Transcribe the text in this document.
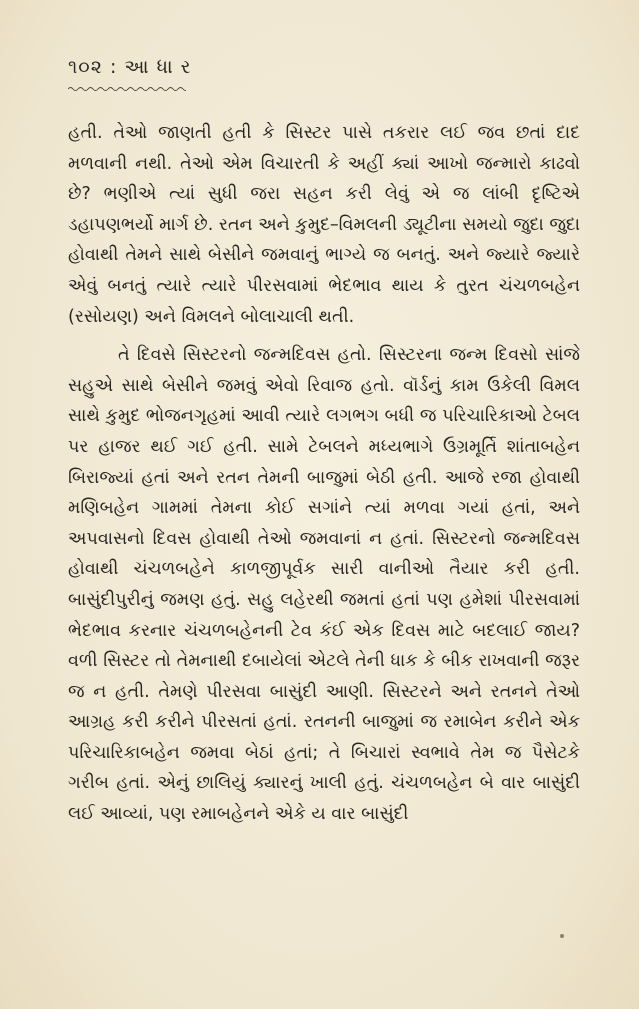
૧૦૨ : આ ધા ર

હતી. તેઓ જાણતી હતી કે સિસ્ટર પાસે તકરાર લઈ જવ છતાં દાદ મળવાની નથી. તેઓ એમ વિચારતી કે અહીં ક્યાં આખો જન્મારો કાઢવો છે? ભણીએ ત્યાં સુધી જરા સહન કરી લેવું એ જ લાંબી દૃષ્ટિએ ડહાપણભર્યો માર્ગ છે. રતન અને કુમુદ–વિમલની ડ્યૂટીના સમયો જુદા જુદા હોવાથી તેમને સાથે બેસીને જમવાનું ભાગ્યે જ બનતું. અને જ્યારે જ્યારે એવું બનતું ત્યારે ત્યારે પીરસવામાં ભેદભાવ થાય કે તુરત ચંચળબહેન (રસોયણ) અને વિમલને બોલાચાલી થતી.

તે દિવસે સિસ્ટરનો જન્મદિવસ હતો. સિસ્ટરના જન્મ દિવસો સાંજે સહુએ સાથે બેસીને જમવું એવો રિવાજ હતો. વૉર્ડનું કામ ઉકેલી વિમલ સાથે કુમુદ ભોજનગૃહમાં આવી ત્યારે લગભગ બધી જ પરિચારિકાઓ ટેબલ પર હાજર થઈ ગઈ હતી. સામે ટેબલને મધ્યભાગે ઉગ્રમૂર્તિ શાંતાબહેન બિરાજ્યાં હતાં અને રતન તેમની બાજુમાં બેઠી હતી. આજે રજા હોવાથી મણિબહેન ગામમાં તેમના કોઈ સગાંને ત્યાં મળવા ગયાં હતાં, અને અપવાસનો દિવસ હોવાથી તેઓ જમવાનાં ન હતાં. સિસ્ટરનો જન્મદિવસ હોવાથી ચંચળબહેને કાળજીપૂર્વક સારી વાનીઓ તૈયાર કરી હતી. બાસુંદીપુરીનું જમણ હતું. સહુ લહેરથી જમતાં હતાં પણ હમેશાં પીરસવામાં ભેદભાવ કરનાર ચંચળબહેનની ટેવ કંઈ એક દિવસ માટે બદલાઈ જાય? વળી સિસ્ટર તો તેમનાથી દબાયેલાં એટલે તેની ધાક કે બીક રાખવાની જરૂર જ ન હતી. તેમણે પીરસવા બાસુંદી આણી. સિસ્ટરને અને રતનને તેઓ આગ્રહ કરી કરીને પીરસતાં હતાં. રતનની બાજુમાં જ રમાબેન કરીને એક પરિચારિકાબહેન જમવા બેઠાં હતાં; તે બિચારાં સ્વભાવે તેમ જ પૈસેટકે ગરીબ હતાં. એનું છાલિયું ક્યારનું ખાલી હતું. ચંચળબહેન બે વાર બાસુંદી લઈ આવ્યાં, પણ રમાબહેનને એકે ય વાર બાસુંદી
